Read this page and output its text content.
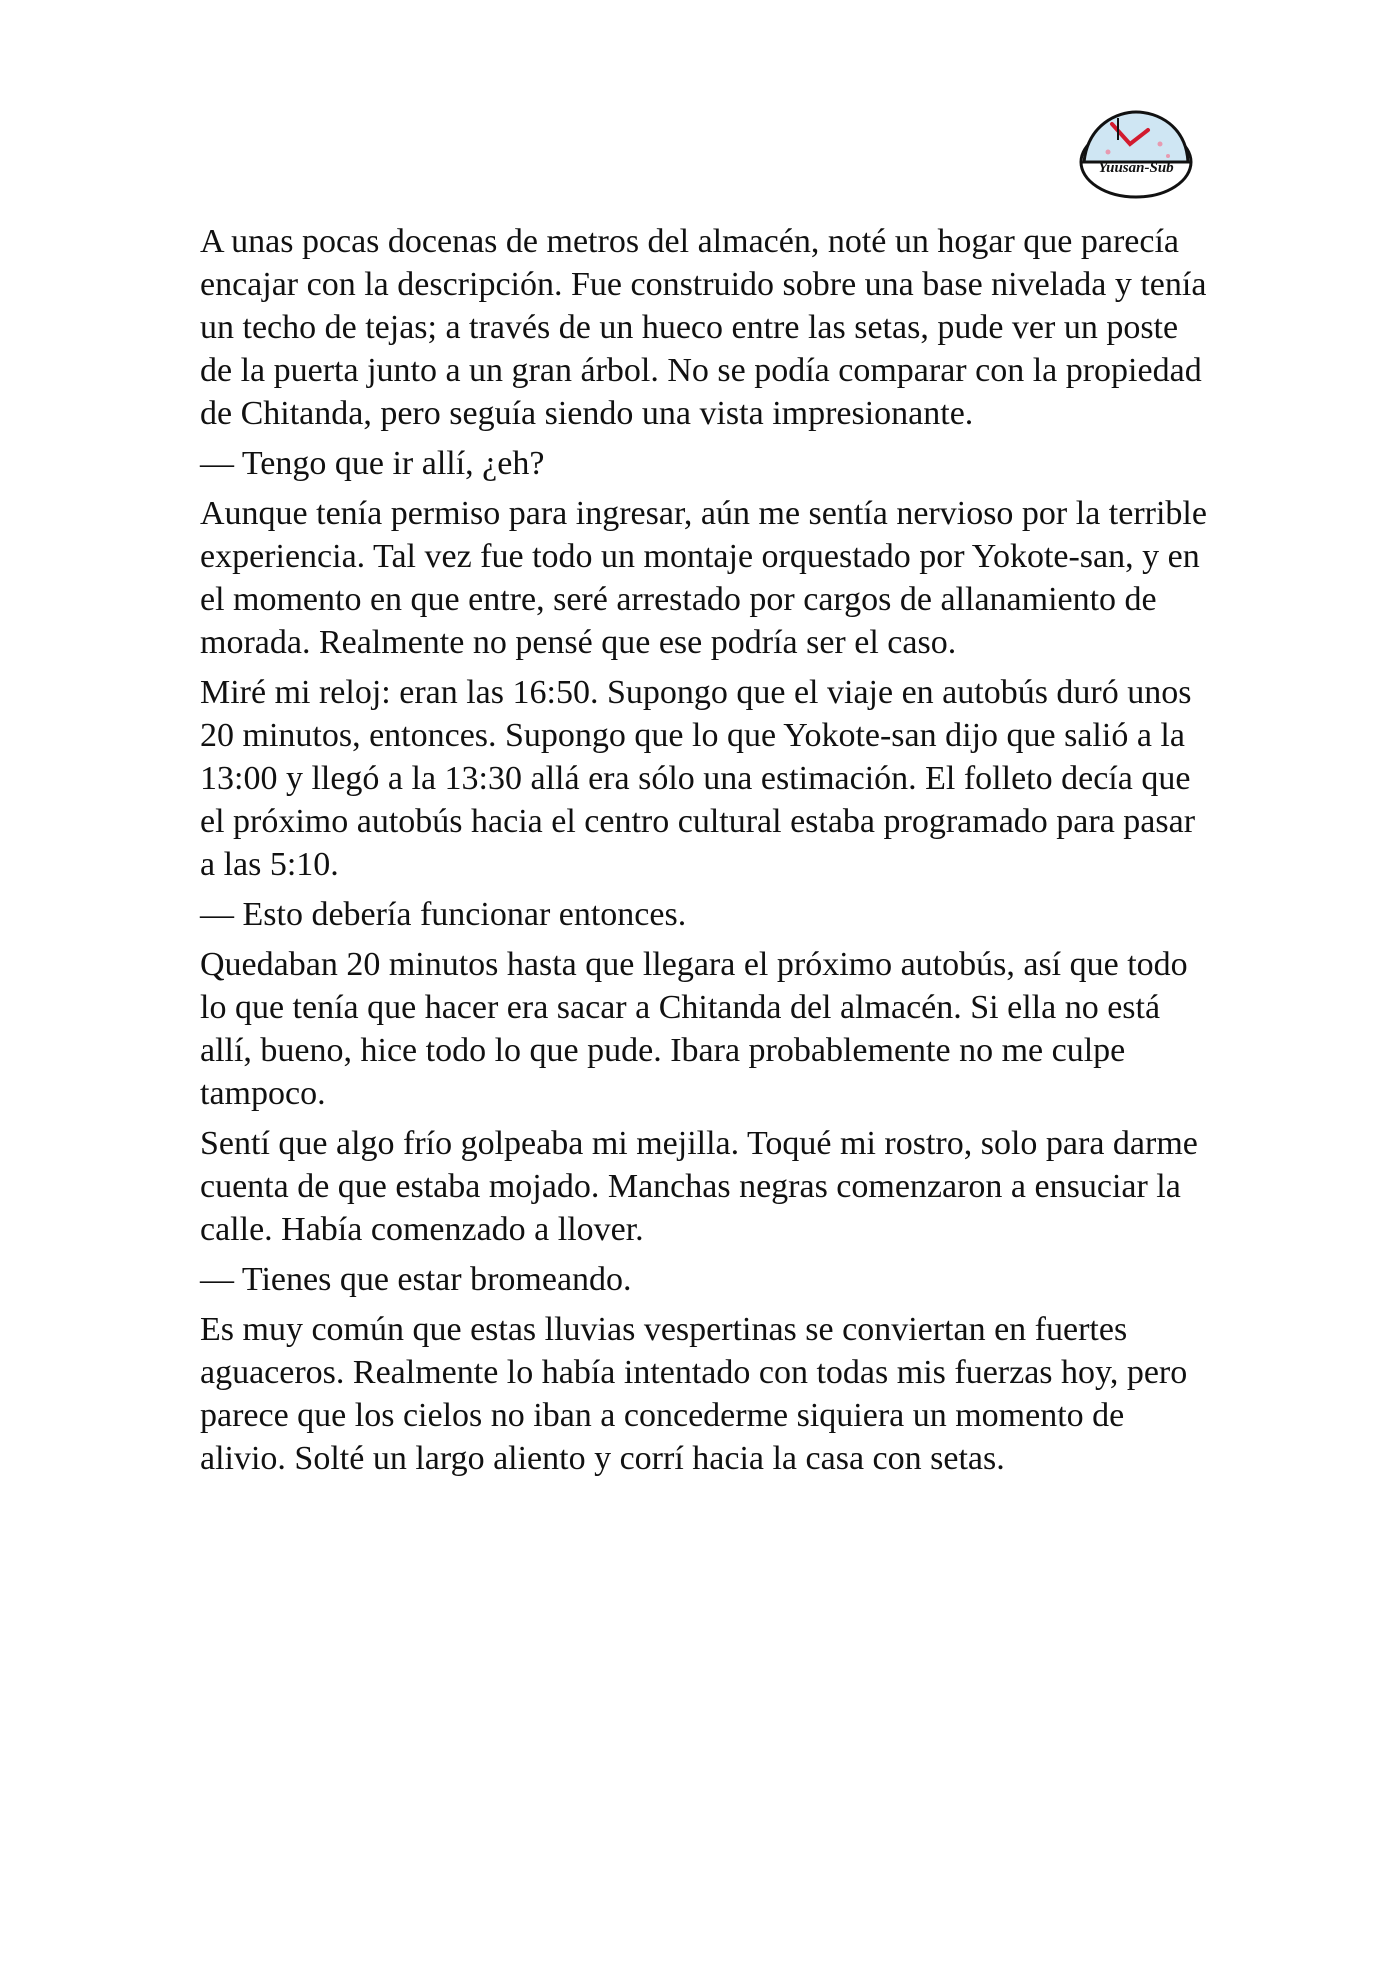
Yuusan-Sub

A unas pocas docenas de metros del almacén, noté un hogar que parecía encajar con la descripción. Fue construido sobre una base nivelada y tenía un techo de tejas; a través de un hueco entre las setas, pude ver un poste de la puerta junto a un gran árbol. No se podía comparar con la propiedad de Chitanda, pero seguía siendo una vista impresionante.

— Tengo que ir allí, ¿eh?

Aunque tenía permiso para ingresar, aún me sentía nervioso por la terrible experiencia. Tal vez fue todo un montaje orquestado por Yokote-san, y en el momento en que entre, seré arrestado por cargos de allanamiento de morada. Realmente no pensé que ese podría ser el caso.

Miré mi reloj: eran las 16:50. Supongo que el viaje en autobús duró unos 20 minutos, entonces. Supongo que lo que Yokote-san dijo que salió a la 13:00 y llegó a la 13:30 allá era sólo una estimación. El folleto decía que el próximo autobús hacia el centro cultural estaba programado para pasar a las 5:10.

— Esto debería funcionar entonces.

Quedaban 20 minutos hasta que llegara el próximo autobús, así que todo lo que tenía que hacer era sacar a Chitanda del almacén. Si ella no está allí, bueno, hice todo lo que pude. Ibara probablemente no me culpe tampoco.

Sentí que algo frío golpeaba mi mejilla. Toqué mi rostro, solo para darme cuenta de que estaba mojado. Manchas negras comenzaron a ensuciar la calle. Había comenzado a llover.

— Tienes que estar bromeando.

Es muy común que estas lluvias vespertinas se conviertan en fuertes aguaceros. Realmente lo había intentado con todas mis fuerzas hoy, pero parece que los cielos no iban a concederme siquiera un momento de alivio. Solté un largo aliento y corrí hacia la casa con setas.
